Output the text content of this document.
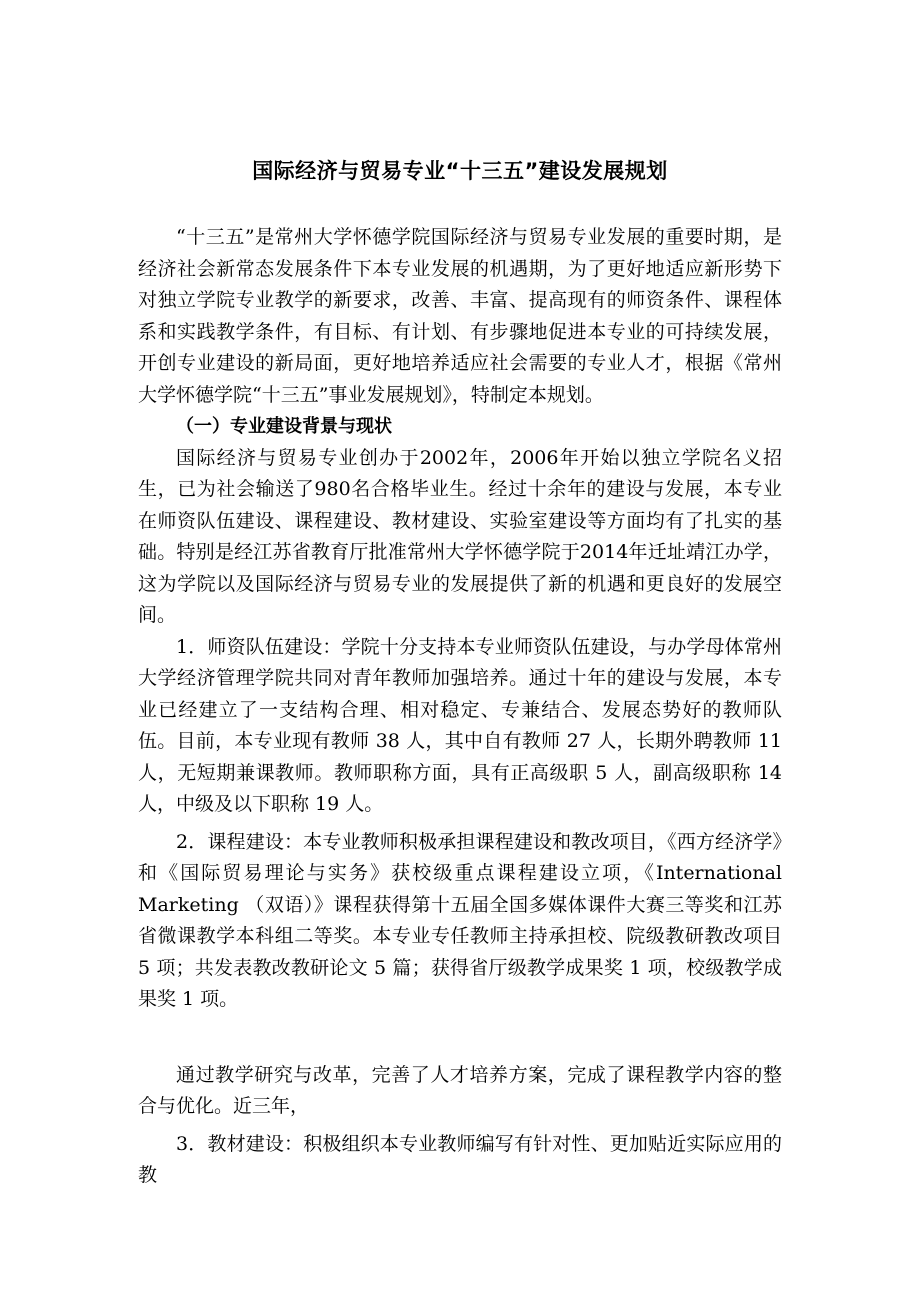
国际经济与贸易专业“十三五”建设发展规划

“十三五”是常州大学怀德学院国际经济与贸易专业发展的重要时期，是经济社会新常态发展条件下本专业发展的机遇期，为了更好地适应新形势下对独立学院专业教学的新要求，改善、丰富、提高现有的师资条件、课程体系和实践教学条件，有目标、有计划、有步骤地促进本专业的可持续发展，开创专业建设的新局面，更好地培养适应社会需要的专业人才，根据《常州大学怀德学院“十三五”事业发展规划》，特制定本规划。

（一）专业建设背景与现状

国际经济与贸易专业创办于2002年，2006年开始以独立学院名义招生，已为社会输送了980名合格毕业生。经过十余年的建设与发展，本专业在师资队伍建设、课程建设、教材建设、实验室建设等方面均有了扎实的基础。特别是经江苏省教育厅批准常州大学怀德学院于2014年迁址靖江办学，这为学院以及国际经济与贸易专业的发展提供了新的机遇和更良好的发展空间。

1．师资队伍建设：学院十分支持本专业师资队伍建设，与办学母体常州大学经济管理学院共同对青年教师加强培养。通过十年的建设与发展，本专业已经建立了一支结构合理、相对稳定、专兼结合、发展态势好的教师队伍。目前，本专业现有教师 38 人，其中自有教师 27 人，长期外聘教师 11 人，无短期兼课教师。教师职称方面，具有正高级职 5 人，副高级职称 14 人，中级及以下职称 19 人。

2．课程建设：本专业教师积极承担课程建设和教改项目，《西方经济学》和《国际贸易理论与实务》获校级重点课程建设立项，《International Marketing （双语）》课程获得第十五届全国多媒体课件大赛三等奖和江苏省微课教学本科组二等奖。本专业专任教师主持承担校、院级教研教改项目 5 项；共发表教改教研论文 5 篇；获得省厅级教学成果奖 1 项，校级教学成果奖 1 项。

通过教学研究与改革，完善了人才培养方案，完成了课程教学内容的整合与优化。近三年，

3．教材建设：积极组织本专业教师编写有针对性、更加贴近实际应用的教
